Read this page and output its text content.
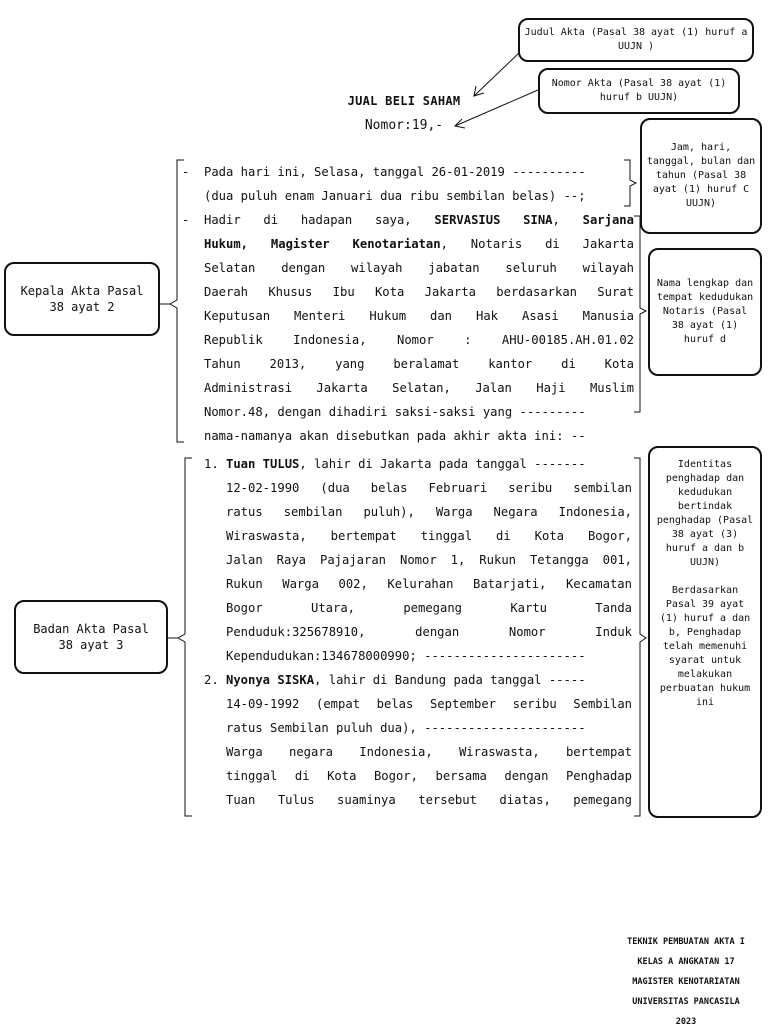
JUAL BELI SAHAM
Nomor:19,-
Judul Akta (Pasal 38 ayat (1) huruf a UUJN )
Nomor Akta (Pasal 38 ayat (1) huruf b UUJN)
Jam, hari, tanggal, bulan dan tahun (Pasal 38 ayat (1) huruf C UUJN)
Nama lengkap dan tempat kedudukan Notaris (Pasal 38 ayat (1) huruf d
Identitas penghadap dan kedudukan bertindak penghadap (Pasal 38 ayat (3) huruf a dan b UUJN)
Berdasarkan Pasal 39 ayat (1) huruf a dan b, Penghadap telah memenuhi syarat untuk melakukan perbuatan hukum ini
Kepala Akta Pasal 38 ayat 2
Badan Akta Pasal 38 ayat 3
- Pada hari ini, Selasa, tanggal 26-01-2019 ----------
(dua puluh enam Januari dua ribu sembilan belas) --;
- Hadir di hadapan saya, SERVASIUS SINA, Sarjana
Hukum, Magister Kenotariatan, Notaris di Jakarta
Selatan dengan wilayah jabatan seluruh wilayah
Daerah Khusus Ibu Kota Jakarta berdasarkan Surat
Keputusan Menteri Hukum dan Hak Asasi Manusia
Republik Indonesia, Nomor : AHU-00185.AH.01.02
Tahun 2013, yang beralamat kantor di Kota
Administrasi Jakarta Selatan, Jalan Haji Muslim
Nomor.48, dengan dihadiri saksi-saksi yang ---------
nama-namanya akan disebutkan pada akhir akta ini: --
1. Tuan TULUS, lahir di Jakarta pada tanggal -------
12-02-1990 (dua belas Februari seribu sembilan
ratus sembilan puluh), Warga Negara Indonesia,
Wiraswasta, bertempat tinggal di Kota Bogor,
Jalan Raya Pajajaran Nomor 1, Rukun Tetangga 001,
Rukun Warga 002, Kelurahan Batarjati, Kecamatan
Bogor Utara, pemegang Kartu Tanda
Penduduk:325678910, dengan Nomor Induk
Kependudukan:134678000990; ----------------------
2. Nyonya SISKA, lahir di Bandung pada tanggal -----
14-09-1992 (empat belas September seribu Sembilan
ratus Sembilan puluh dua), ----------------------
Warga negara Indonesia, Wiraswasta, bertempat
tinggal di Kota Bogor, bersama dengan Penghadap
Tuan Tulus suaminya tersebut diatas, pemegang
TEKNIK PEMBUATAN AKTA I
KELAS A ANGKATAN 17
MAGISTER KENOTARIATAN
UNIVERSITAS PANCASILA
2023
